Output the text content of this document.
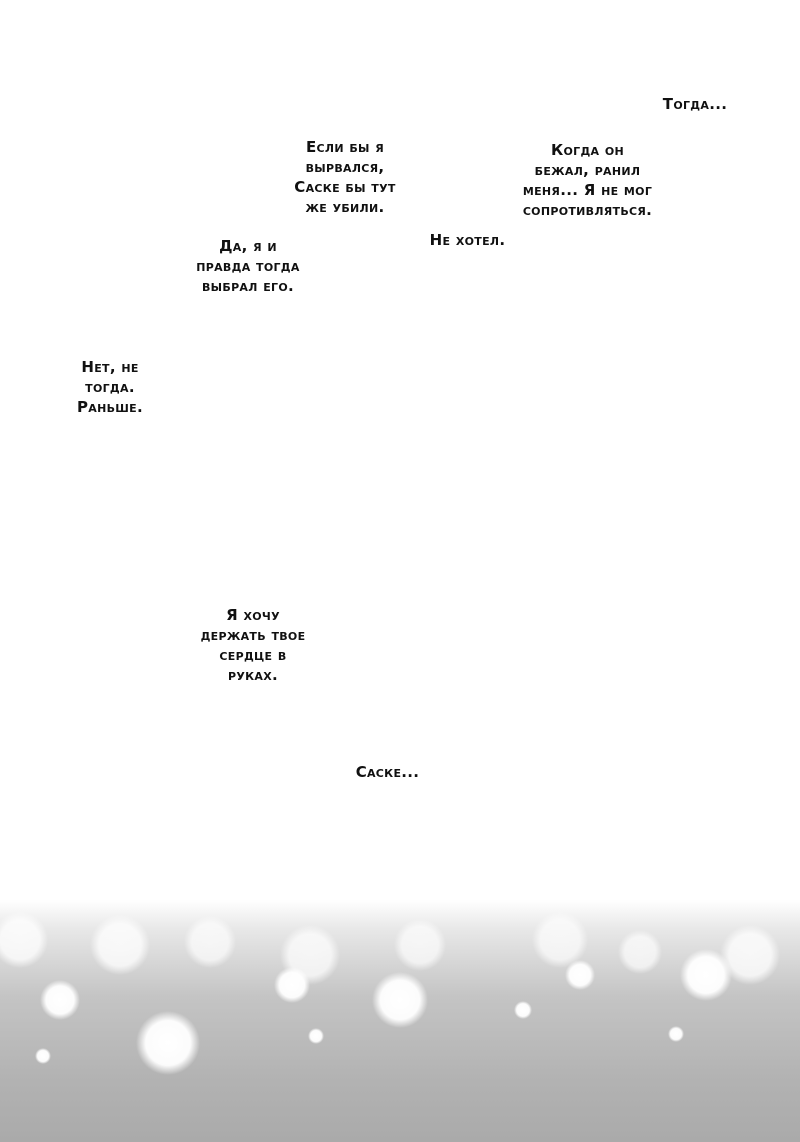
Тогда...
Если бы я
вырвался,
Саске бы тут
же убили.
Когда он
бежал, ранил
меня... Я не мог
сопротивляться.
Не хотел.
Да, я и
правда тогда
выбрал его.
Нет, не
тогда.
Раньше.
Я хочу
держать твое
сердце в
руках.
Саске...
